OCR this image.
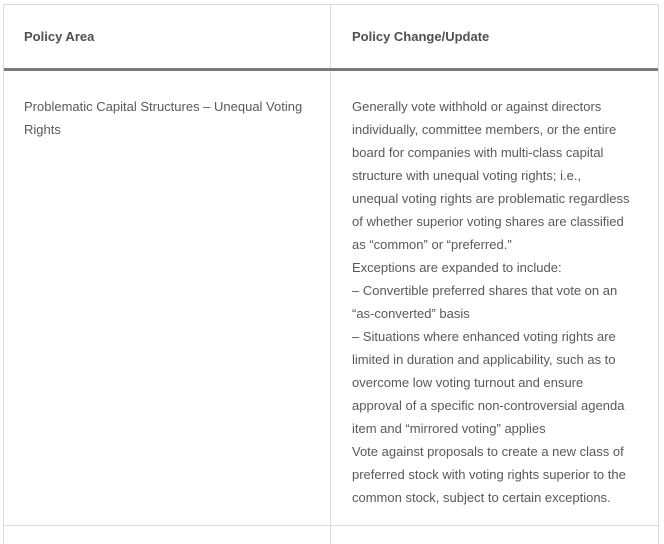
Policy Area	Policy Change/Update
Problematic Capital Structures – Unequal Voting
Rights
Generally vote withhold or against directors
individually, committee members, or the entire
board for companies with multi-class capital
structure with unequal voting rights; i.e.,
unequal voting rights are problematic regardless
of whether superior voting shares are classified
as “common” or “preferred.”
Exceptions are expanded to include:
– Convertible preferred shares that vote on an
“as-converted” basis
– Situations where enhanced voting rights are
limited in duration and applicability, such as to
overcome low voting turnout and ensure
approval of a specific non-controversial agenda
item and “mirrored voting” applies
Vote against proposals to create a new class of
preferred stock with voting rights superior to the
common stock, subject to certain exceptions.
